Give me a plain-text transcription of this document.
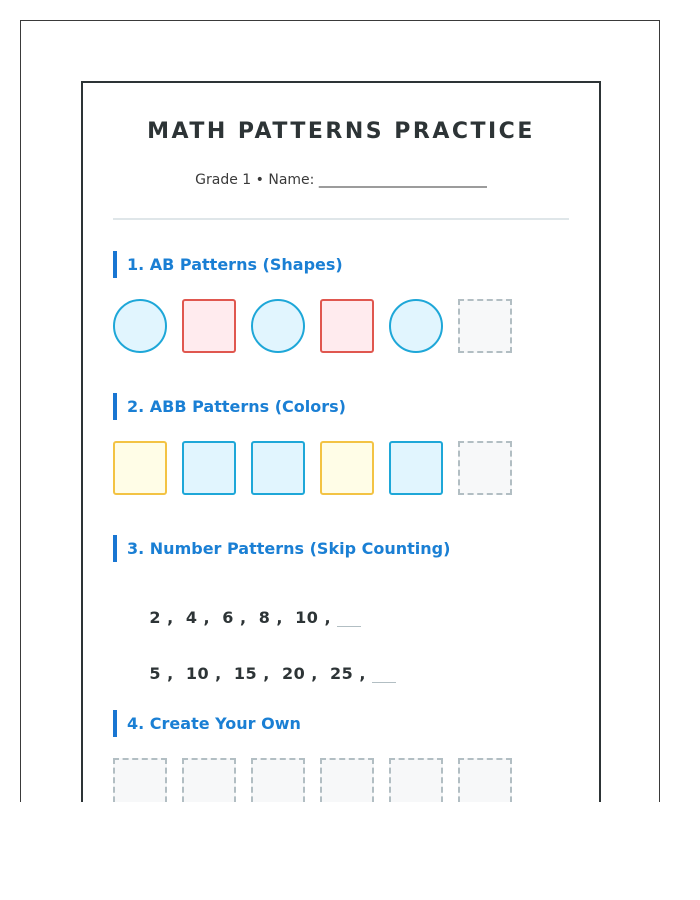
MATH PATTERNS PRACTICE
Grade 1 • Name: ________________________
1. AB Patterns (Shapes)
2. ABB Patterns (Colors)
3. Number Patterns (Skip Counting)

2 ,  4 ,  6 ,  8 ,  10 ,

5 ,  10 ,  15 ,  20 ,  25 ,

4. Create Your Own
